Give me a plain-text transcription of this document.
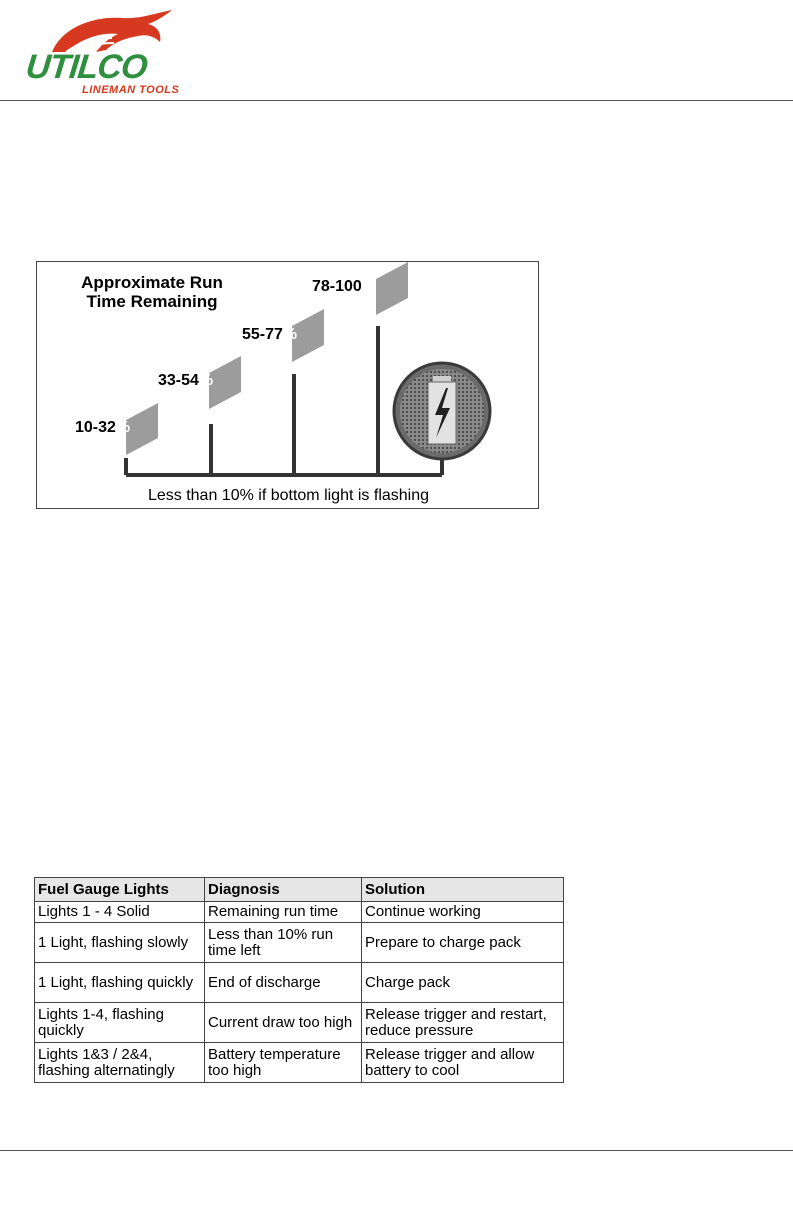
UTILCO
LINEMAN TOOLS
Approximate Run
Time Remaining
10-32%
33-54%
55-77%
78-100%
Less than 10% if bottom light is flashing
Fuel Gauge Lights	Diagnosis	Solution
Lights 1 - 4 Solid	Remaining run time	Continue working
1 Light, flashing slowly	Less than 10% run time left	Prepare to charge pack
1 Light, flashing quickly	End of discharge	Charge pack
Lights 1-4, flashing quickly	Current draw too high	Release trigger and restart, reduce pressure
Lights 1&3 / 2&4, flashing alternatingly	Battery temperature too high	Release trigger and allow battery to cool
